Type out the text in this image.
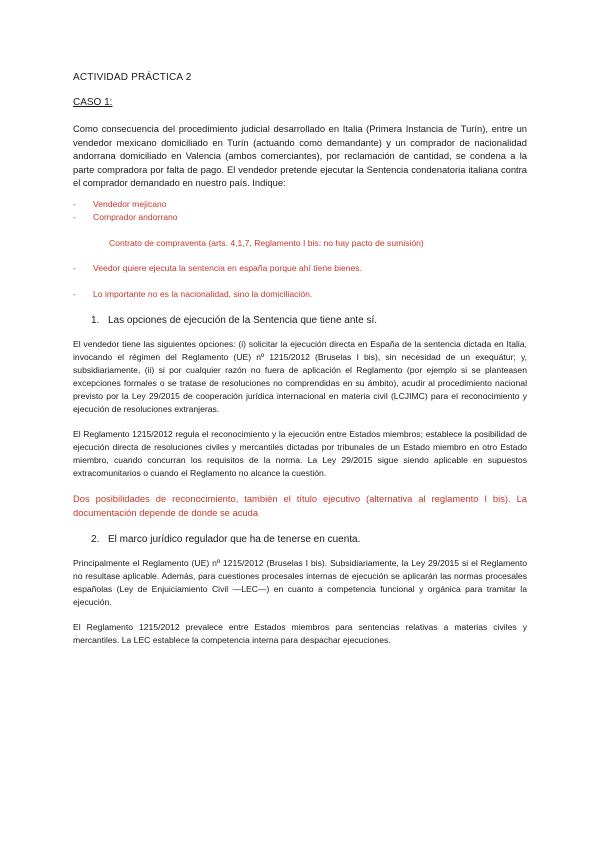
ACTIVIDAD PRÁCTICA 2
CASO 1:

Como consecuencia del procedimiento judicial desarrollado en Italia (Primera Instancia de Turín), entre un vendedor mexicano domiciliado en Turín (actuando como demandante) y un comprador de nacionalidad andorrana domiciliado en Valencia (ambos comerciantes), por reclamación de cantidad, se condena a la parte compradora por falta de pago. El vendedor pretende ejecutar la Sentencia condenatoria italiana contra el comprador demandado en nuestro país. Indique:

-	Vendedor mejicano
-	Comprador andorrano
Contrato de compraventa (arts. 4,1,7, Reglamento I bis: no hay pacto de sumisión)
-	Veedor quiere ejecuta la sentencia en españa porque ahí tiene bienes.
-	Lo importante no es la nacionalidad, sino la domiciliación.
1. Las opciones de ejecución de la Sentencia que tiene ante sí.

El vendedor tiene las siguientes opciones: (i) solicitar la ejecución directa en España de la sentencia dictada en Italia, invocando el régimen del Reglamento (UE) nº 1215/2012 (Bruselas I bis), sin necesidad de un exequátur; y, subsidiariamente, (ii) si por cualquier razón no fuera de aplicación el Reglamento (por ejemplo si se planteasen excepciones formales o se tratase de resoluciones no comprendidas en su ámbito), acudir al procedimiento nacional previsto por la Ley 29/2015 de cooperación jurídica internacional en materia civil (LCJIMC) para el reconocimiento y ejecución de resoluciones extranjeras.

El Reglamento 1215/2012 regula el reconocimiento y la ejecución entre Estados miembros; establece la posibilidad de ejecución directa de resoluciones civiles y mercantiles dictadas por tribunales de un Estado miembro en otro Estado miembro, cuando concurran los requisitos de la norma. La Ley 29/2015 sigue siendo aplicable en supuestos extracomunitarios o cuando el Reglamento no alcance la cuestión.

Dos posibilidades de reconocimiento, también el título ejecutivo (alternativa al reglamento I bis). La documentación depende de donde se acuda

2. El marco jurídico regulador que ha de tenerse en cuenta.

Principalmente el Reglamento (UE) nº 1215/2012 (Bruselas I bis). Subsidiariamente, la Ley 29/2015 si el Reglamento no resultase aplicable. Además, para cuestiones procesales internas de ejecución se aplicarán las normas procesales españolas (Ley de Enjuiciamiento Civil —LEC—) en cuanto a competencia funcional y orgánica para tramitar la ejecución.

El Reglamento 1215/2012 prevalece entre Estados miembros para sentencias relativas a materias civiles y mercantiles. La LEC establece la competencia interna para despachar ejecuciones.
